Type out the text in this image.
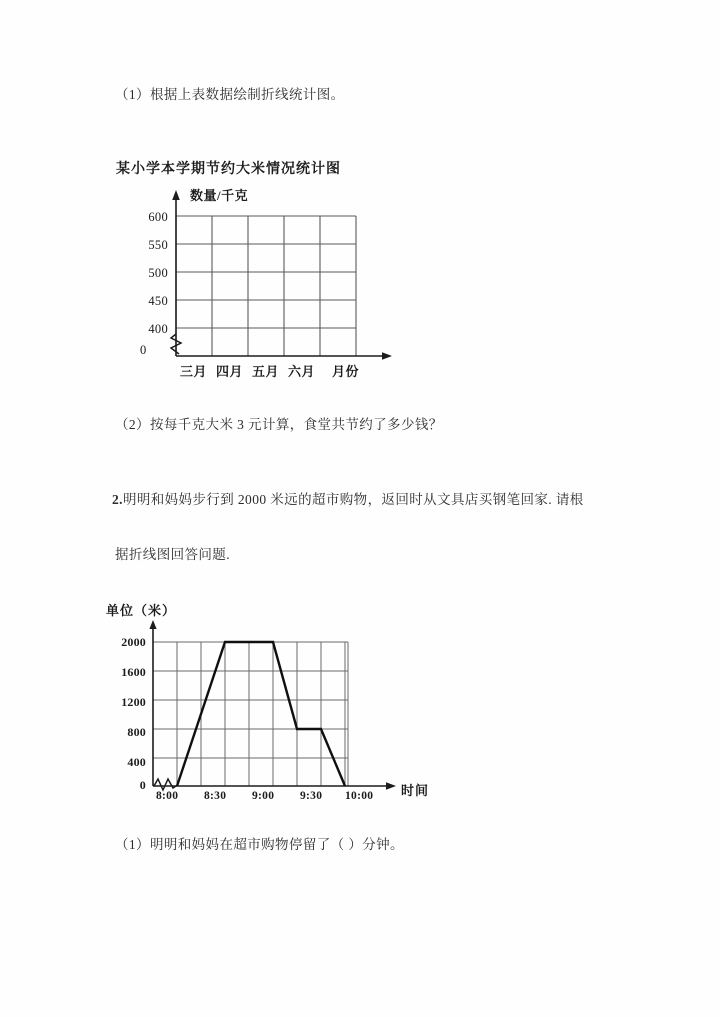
（1）根据上表数据绘制折线统计图。
某小学本学期节约大米情况统计图
数量/千克
600
550
500
450
400
0
三月 四月 五月 六月 月份
（2）按每千克大米 3 元计算，食堂共节约了多少钱？
2.明明和妈妈步行到 2000 米远的超市购物，返回时从文具店买钢笔回家. 请根
据折线图回答问题.
单位（米）
2000
1600
1200
800
400
0
8:00 8:30 9:00 9:30 10:00 时间
（1）明明和妈妈在超市购物停留了（ ）分钟。
